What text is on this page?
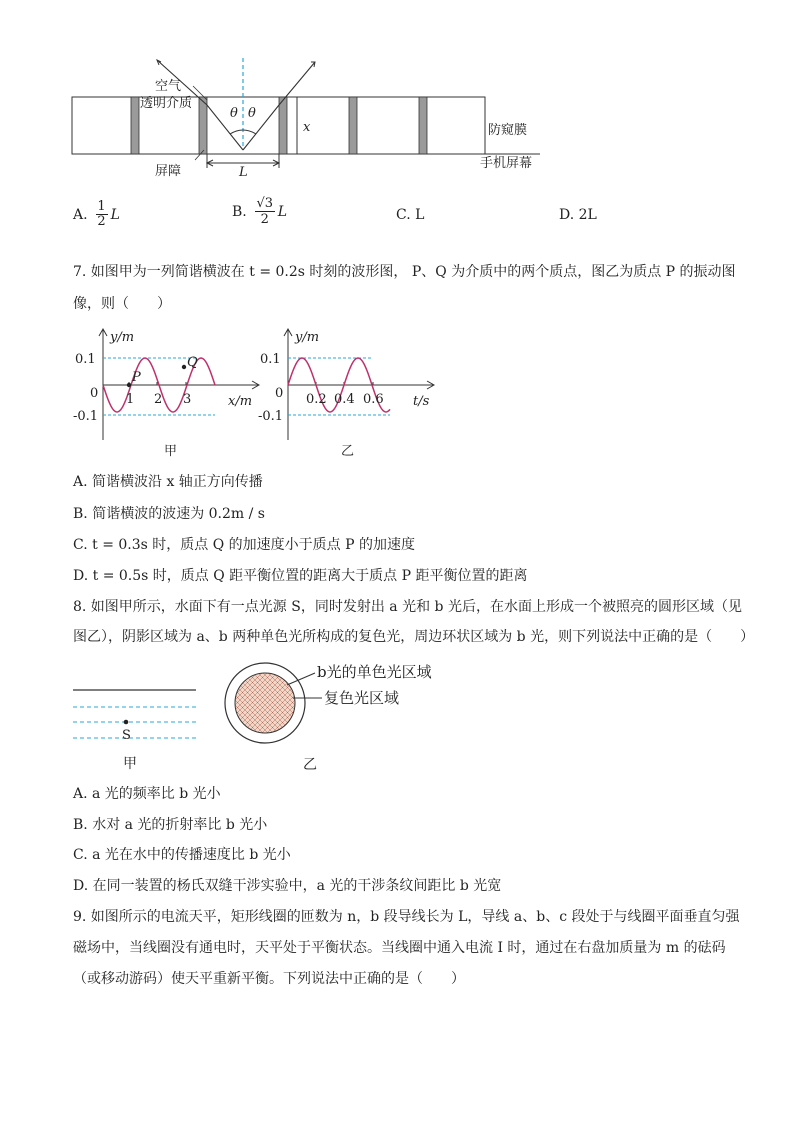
空气
透明介质
屏障
防窥膜
手机屏幕
x
L
θ θ
A. 1
2 L	B. √3
2 L	C. L	D. 2L
7. 如图甲为一列简谐横波在 t = 0.2s 时刻的波形图， P、Q 为介质中的两个质点，图乙为质点 P 的振动图
像，则（　　）
y/m
x/m
0
0.1
-0.1
1 2 3
P
Q
甲
y/m
t/s
0
0.1
-0.1
0.2 0.4 0.6
乙
A. 简谐横波沿 x 轴正方向传播
B. 简谐横波的波速为 0.2m / s
C. t = 0.3s 时，质点 Q 的加速度小于质点 P 的加速度
D. t = 0.5s 时，质点 Q 距平衡位置的距离大于质点 P 距平衡位置的距离
8. 如图甲所示，水面下有一点光源 S，同时发射出 a 光和 b 光后，在水面上形成一个被照亮的圆形区域（见
图乙），阴影区域为 a、b 两种单色光所构成的复色光，周边环状区域为 b 光，则下列说法中正确的是（　　）
S
甲
b光的单色光区域
复色光区域
乙
A. a 光的频率比 b 光小
B. 水对 a 光的折射率比 b 光小
C. a 光在水中的传播速度比 b 光小
D. 在同一装置的杨氏双缝干涉实验中，a 光的干涉条纹间距比 b 光宽
9. 如图所示的电流天平，矩形线圈的匝数为 n，b 段导线长为 L，导线 a、b、c 段处于与线圈平面垂直匀强
磁场中，当线圈没有通电时，天平处于平衡状态。当线圈中通入电流 I 时，通过在右盘加质量为 m 的砝码
（或移动游码）使天平重新平衡。下列说法中正确的是（　　）
